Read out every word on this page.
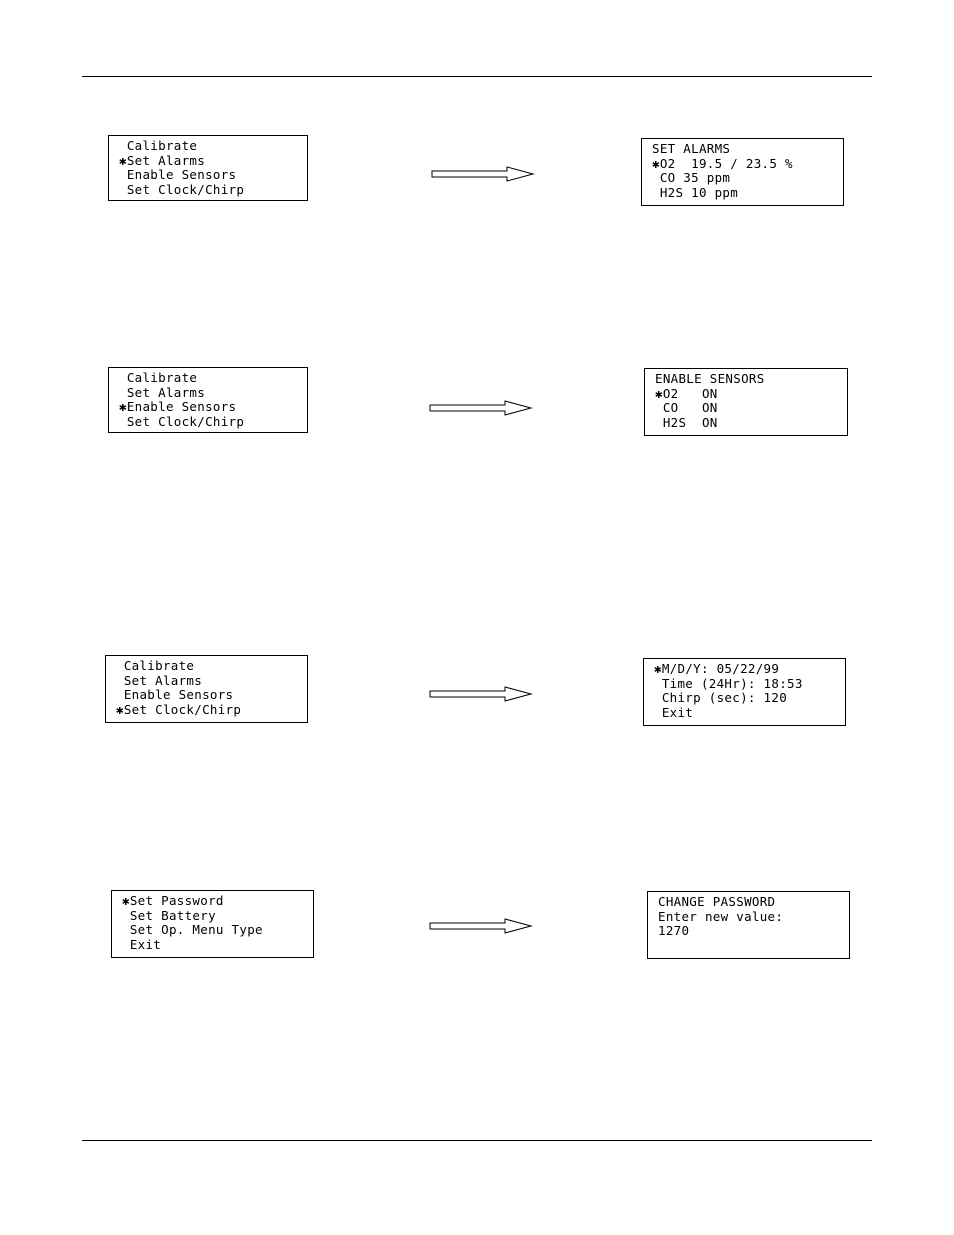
Calibrate
✱Set Alarms
Enable Sensors
Set Clock/Chirp
SET ALARMS
✱O2  19.5 / 23.5 %
CO 35 ppm
H2S 10 ppm
Calibrate
Set Alarms
✱Enable Sensors
Set Clock/Chirp
ENABLE SENSORS
✱O2   ON
CO   ON
H2S  ON
Calibrate
Set Alarms
Enable Sensors
✱Set Clock/Chirp
✱M/D/Y: 05/22/99
Time (24Hr): 18:53
Chirp (sec): 120
Exit
✱Set Password
Set Battery
Set Op. Menu Type
Exit
CHANGE PASSWORD
Enter new value:
1270
